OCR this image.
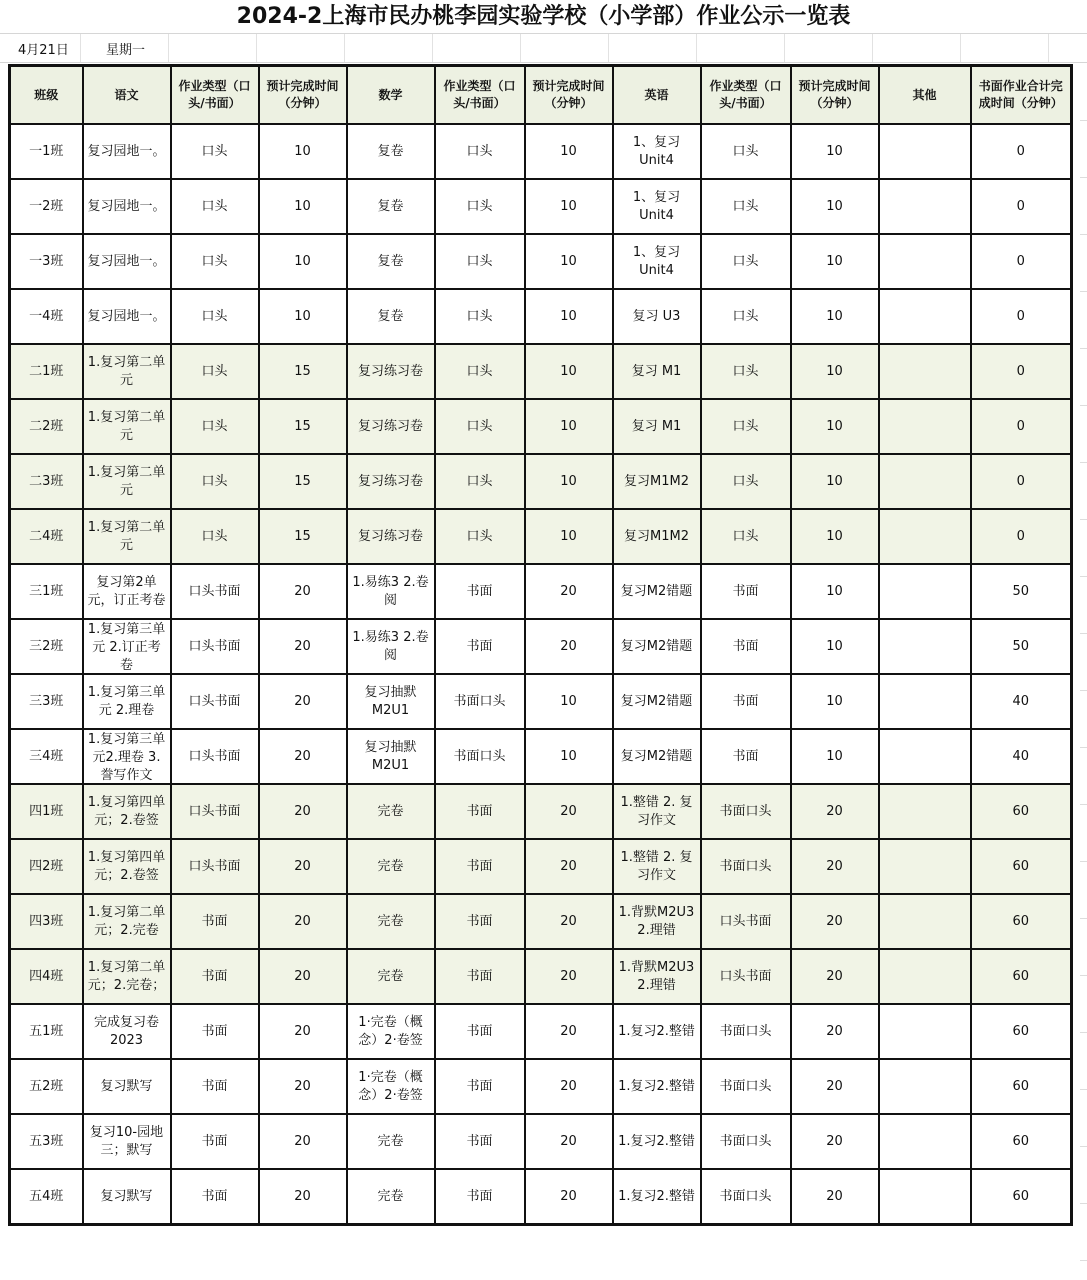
2024-2上海市民办桃李园实验学校（小学部）作业公示一览表
4月21日	星期一
班级	语文	作业类型（口头/书面）	预计完成时间（分钟）	数学	作业类型（口头/书面）	预计完成时间（分钟）	英语	作业类型（口头/书面）	预计完成时间（分钟）	其他	书面作业合计完成时间（分钟）

一1班	复习园地一。	口头	10	复卷	口头	10	1、复习Unit4	口头	10		0

一2班	复习园地一。	口头	10	复卷	口头	10	1、复习Unit4	口头	10		0

一3班	复习园地一。	口头	10	复卷	口头	10	1、复习Unit4	口头	10		0

一4班	复习园地一。	口头	10	复卷	口头	10	复习 U3	口头	10		0

二1班	1.复习第二单元	口头	15	复习练习卷	口头	10	复习 M1	口头	10		0

二2班	1.复习第二单元	口头	15	复习练习卷	口头	10	复习 M1	口头	10		0

二3班	1.复习第二单元	口头	15	复习练习卷	口头	10	复习M1M2	口头	10		0

二4班	1.复习第二单元	口头	15	复习练习卷	口头	10	复习M1M2	口头	10		0

三1班	复习第2单元，订正考卷	口头书面	20	1.易练3 2.卷阅	书面	20	复习M2错题	书面	10		50

三2班	1.复习第三单元 2.订正考卷	口头书面	20	1.易练3 2.卷阅	书面	20	复习M2错题	书面	10		50

三3班	1.复习第三单元 2.理卷	口头书面	20	复习抽默M2U1	书面口头	10	复习M2错题	书面	10		40

三4班	1.复习第三单元2.理卷 3.誊写作文	口头书面	20	复习抽默M2U1	书面口头	10	复习M2错题	书面	10		40

四1班	1.复习第四单元；2.卷签	口头书面	20	完卷	书面	20	1.整错 2. 复习作文	书面口头	20		60

四2班	1.复习第四单元；2.卷签	口头书面	20	完卷	书面	20	1.整错 2. 复习作文	书面口头	20		60

四3班	1.复习第二单元；2.完卷	书面	20	完卷	书面	20	1.背默M2U3 2.理错	口头书面	20		60

四4班	1.复习第二单元；2.完卷；	书面	20	完卷	书面	20	1.背默M2U3 2.理错	口头书面	20		60

五1班	完成复习卷2023	书面	20	1·完卷（概念）2·卷签	书面	20	1.复习2.整错	书面口头	20		60

五2班	复习默写	书面	20	1·完卷（概念）2·卷签	书面	20	1.复习2.整错	书面口头	20		60

五3班	复习10-园地三；默写	书面	20	完卷	书面	20	1.复习2.整错	书面口头	20		60

五4班	复习默写	书面	20	完卷	书面	20	1.复习2.整错	书面口头	20		60
